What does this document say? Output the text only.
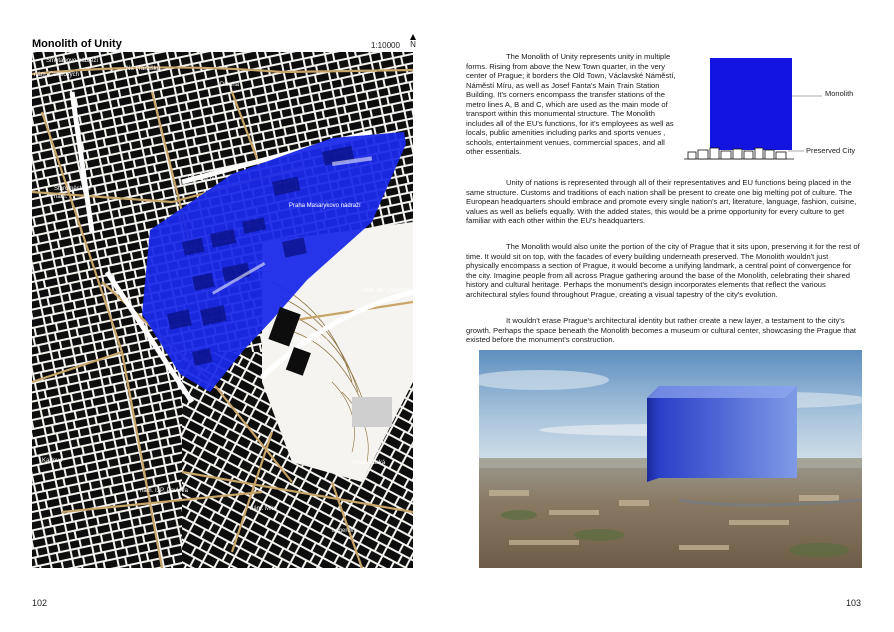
Monolith of Unity	1:10000 N
Smetanovo nábřeží
nám. Curieových
Na Františku
Dlouhá
Revoluční
Staroměstské
nám.
Praha Masarykovo nádraží
Praha hlavní
nám. W. Churchilla
Karlovo
nám. I. P. Pavlova
nám. Míru
Vinohradská
Legerova
102
The Monolith of Unity represents unity in multiple forms. Rising from above the New Town quarter, in the very center of Prague; it borders the Old Town, Václavské Náměstí, Náměstí Míru, as well as Josef Fanta's Main Train Station Building. It's corners encompass the transfer stations of the metro lines A, B and C, which are used as the main mode of transport within this monumental structure. The Monolith includes all of the EU's functions, for it's employees as well as locals, public amenities including parks and sports venues , schools, entertainment venues, commercial spaces, and all other essentials.
Monolith
Preserved City
Unity of nations is represented through all of their representatives and EU functions being placed in the same structure. Customs and traditions of each nation shall be present to create one big melting pot of culture. The European headquarters should embrace and promote every single nation's art, literature, language, fashion, cuisine, values as well as beliefs equally. With the added states, this would be a prime opportunity for every culture to get familiar with each other within the EU's headquarters.
The Monolith would also unite the portion of the city of Prague that it sits upon, preserving it for the rest of time. It would sit on top, with the facades of every building underneath preserved. The Monolith wouldn't just physically encompass a section of Prague, it would become a unifying landmark, a central point of convergence for the city. Imagine people from all across Prague gathering around the base of the Monolith, celebrating their shared history and cultural heritage. Perhaps the monument's design incorporates elements that reflect the various architectural styles found throughout Prague, creating a visual tapestry of the city's evolution.
It wouldn't erase Prague's architectural identity but rather create a new layer, a testament to the city's growth. Perhaps the space beneath the Monolith becomes a museum or cultural center, showcasing the Prague that existed before the monument's construction.
103
